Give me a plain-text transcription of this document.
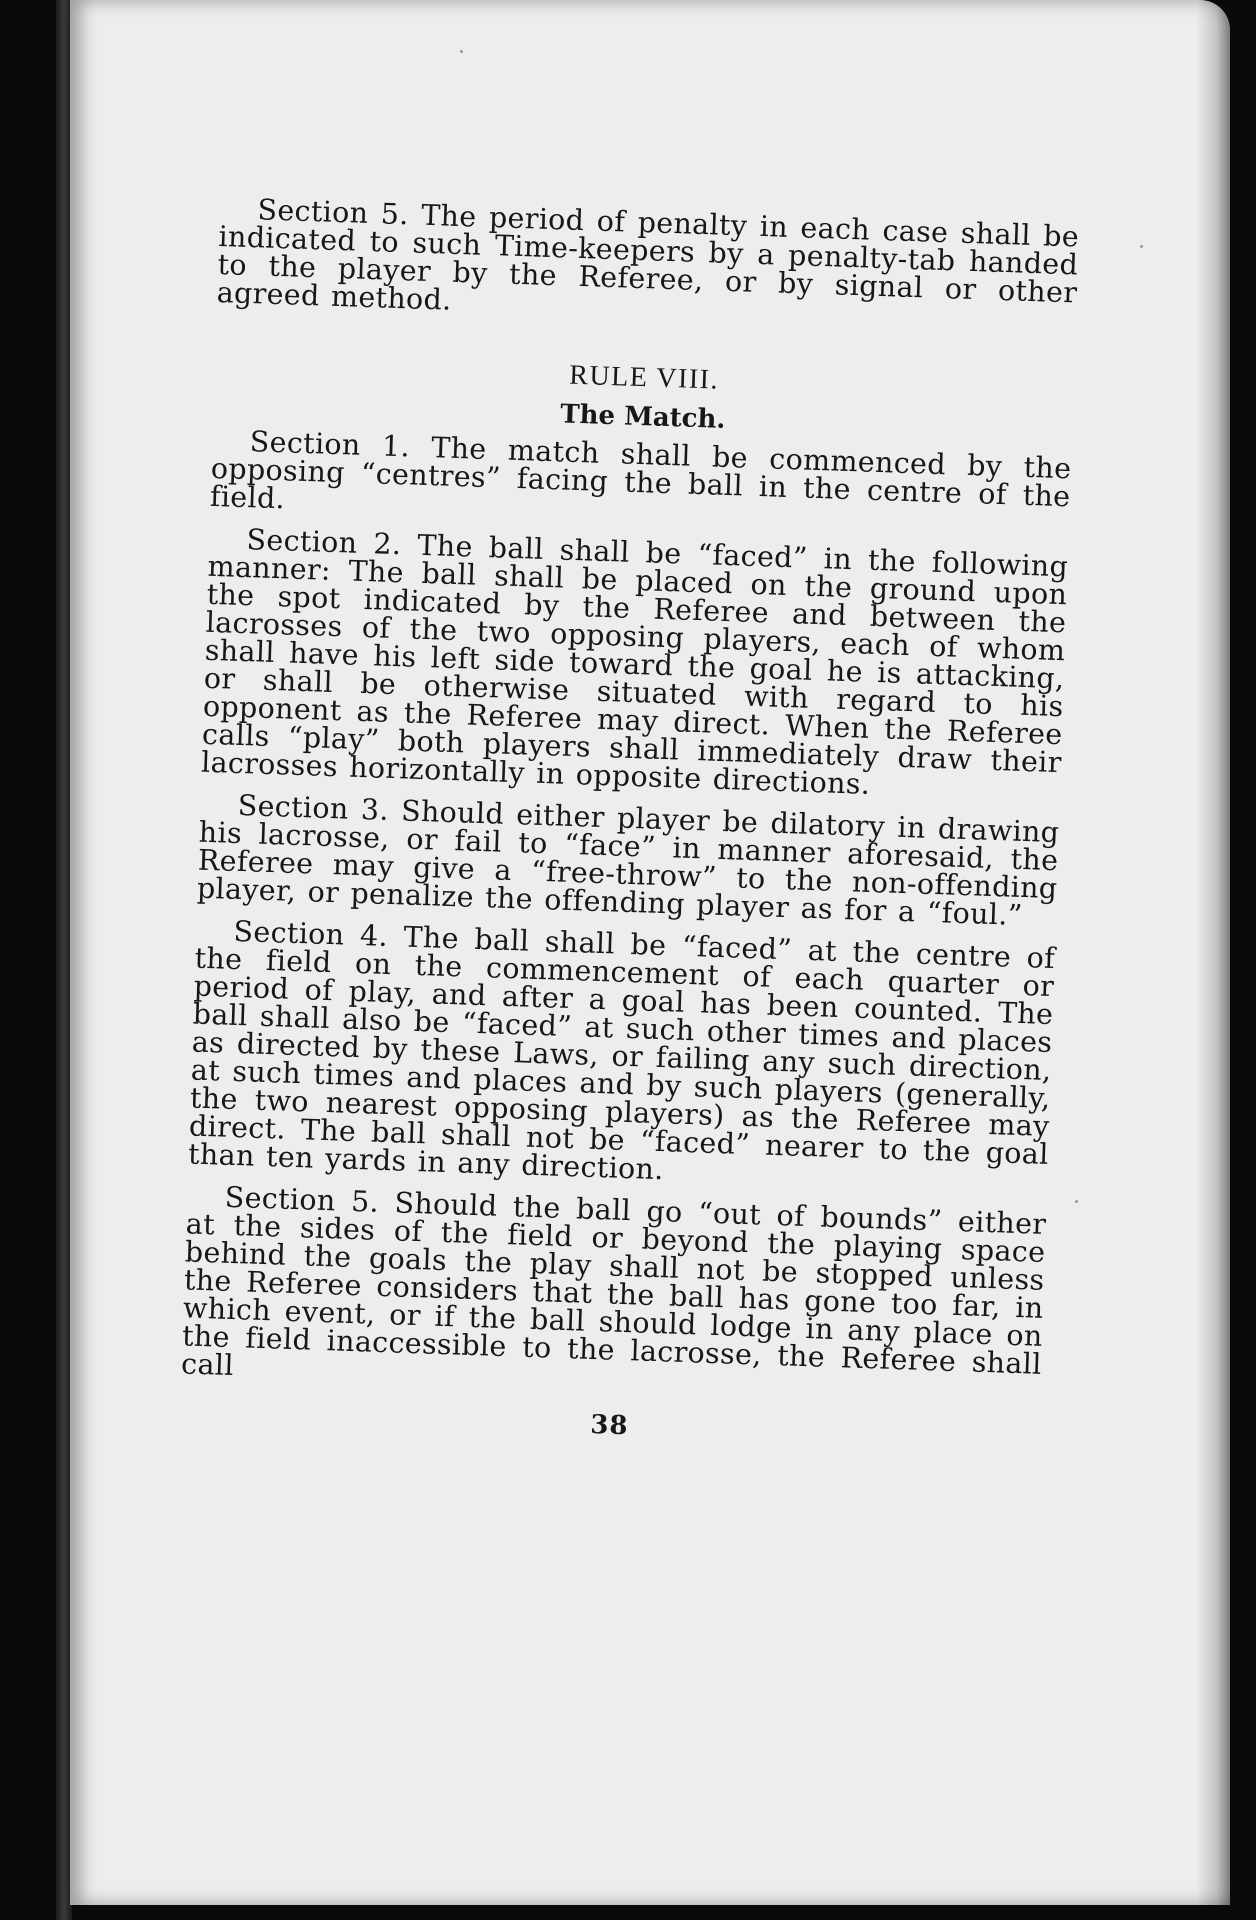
Section 5. The period of penalty in each case shall be indicated to such Time-keepers by a penalty-tab handed to the player by the Referee, or by signal or other agreed method.

RULE VIII.
The Match.

Section 1. The match shall be commenced by the opposing “centres” facing the ball in the centre of the field.

Section 2. The ball shall be “faced” in the following manner: The ball shall be placed on the ground upon the spot indicated by the Referee and between the lacrosses of the two opposing players, each of whom shall have his left side toward the goal he is attacking, or shall be otherwise situated with regard to his opponent as the Referee may direct. When the Referee calls “play” both players shall immediately draw their lacrosses horizontally in opposite directions.

Section 3. Should either player be dilatory in drawing his lacrosse, or fail to “face” in manner aforesaid, the Referee may give a “free-throw” to the non-offending player, or penalize the offending player as for a “foul.”

Section 4. The ball shall be “faced” at the centre of the field on the commencement of each quarter or period of play, and after a goal has been counted. The ball shall also be “faced” at such other times and places as directed by these Laws, or failing any such direction, at such times and places and by such players (generally, the two nearest opposing players) as the Referee may direct. The ball shall not be “faced” nearer to the goal than ten yards in any direction.

Section 5. Should the ball go “out of bounds” either at the sides of the field or beyond the playing space behind the goals the play shall not be stopped unless the Referee considers that the ball has gone too far, in which event, or if the ball should lodge in any place on the field inaccessible to the lacrosse, the Referee shall call

38
